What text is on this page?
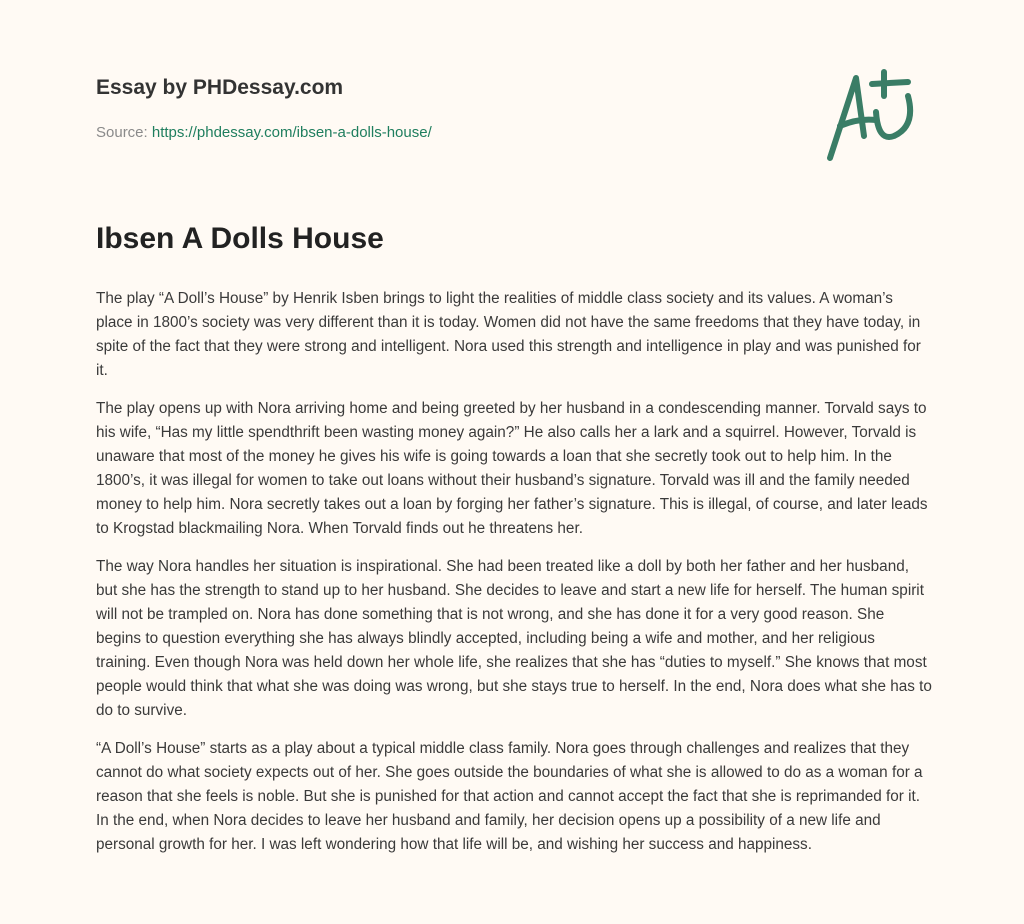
Essay by PHDessay.com
Source: https://phdessay.com/ibsen-a-dolls-house/
Ibsen A Dolls House

The play “A Doll’s House” by Henrik Isben brings to light the realities of middle class society and its values. A woman’s place in 1800’s society was very different than it is today. Women did not have the same freedoms that they have today, in spite of the fact that they were strong and intelligent. Nora used this strength and intelligence in play and was punished for it.

The play opens up with Nora arriving home and being greeted by her husband in a condescending manner. Torvald says to his wife, “Has my little spendthrift been wasting money again?” He also calls her a lark and a squirrel. However, Torvald is unaware that most of the money he gives his wife is going towards a loan that she secretly took out to help him. In the 1800’s, it was illegal for women to take out loans without their husband’s signature. Torvald was ill and the family needed money to help him. Nora secretly takes out a loan by forging her father’s signature. This is illegal, of course, and later leads to Krogstad blackmailing Nora. When Torvald finds out he threatens her.

The way Nora handles her situation is inspirational. She had been treated like a doll by both her father and her husband, but she has the strength to stand up to her husband. She decides to leave and start a new life for herself. The human spirit will not be trampled on. Nora has done something that is not wrong, and she has done it for a very good reason. She begins to question everything she has always blindly accepted, including being a wife and mother, and her religious training. Even though Nora was held down her whole life, she realizes that she has “duties to myself.” She knows that most people would think that what she was doing was wrong, but she stays true to herself. In the end, Nora does what she has to do to survive.

“A Doll’s House” starts as a play about a typical middle class family. Nora goes through challenges and realizes that they cannot do what society expects out of her. She goes outside the boundaries of what she is allowed to do as a woman for a reason that she feels is noble. But she is punished for that action and cannot accept the fact that she is reprimanded for it. In the end, when Nora decides to leave her husband and family, her decision opens up a possibility of a new life and personal growth for her. I was left wondering how that life will be, and wishing her success and happiness.
